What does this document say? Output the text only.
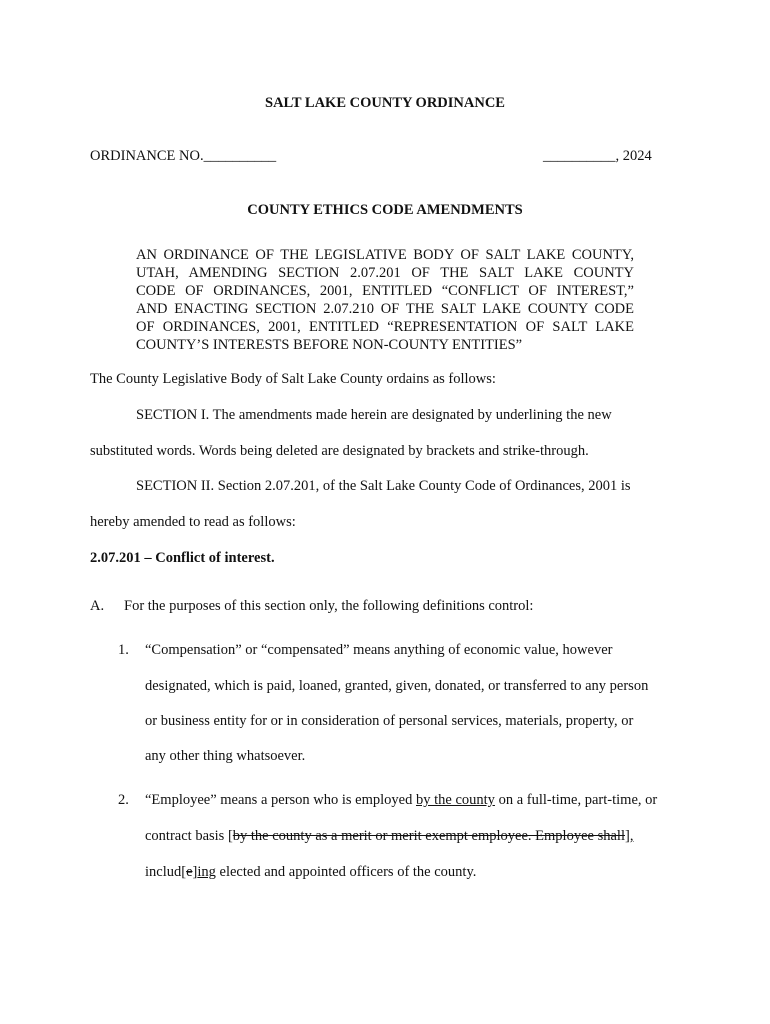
SALT LAKE COUNTY ORDINANCE
ORDINANCE NO.__________	__________, 2024
COUNTY ETHICS CODE AMENDMENTS
AN ORDINANCE OF THE LEGISLATIVE BODY OF SALT LAKE COUNTY,
UTAH, AMENDING SECTION 2.07.201 OF THE SALT LAKE COUNTY
CODE OF ORDINANCES, 2001, ENTITLED “CONFLICT OF INTEREST,”
AND ENACTING SECTION 2.07.210 OF THE SALT LAKE COUNTY CODE
OF ORDINANCES, 2001, ENTITLED “REPRESENTATION OF SALT LAKE
COUNTY’S INTERESTS BEFORE NON-COUNTY ENTITIES”
The County Legislative Body of Salt Lake County ordains as follows:
SECTION I. The amendments made herein are designated by underlining the new
substituted words. Words being deleted are designated by brackets and strike-through.
SECTION II. Section 2.07.201, of the Salt Lake County Code of Ordinances, 2001 is
hereby amended to read as follows:
2.07.201 – Conflict of interest.
A. For the purposes of this section only, the following definitions control:
1. “Compensation” or “compensated” means anything of economic value, however
designated, which is paid, loaned, granted, given, donated, or transferred to any person
or business entity for or in consideration of personal services, materials, property, or
any other thing whatsoever.
2. “Employee” means a person who is employed by the county on a full-time, part-time, or
contract basis [by the county as a merit or merit exempt employee. Employee shall],
includ[e]ing elected and appointed officers of the county.
